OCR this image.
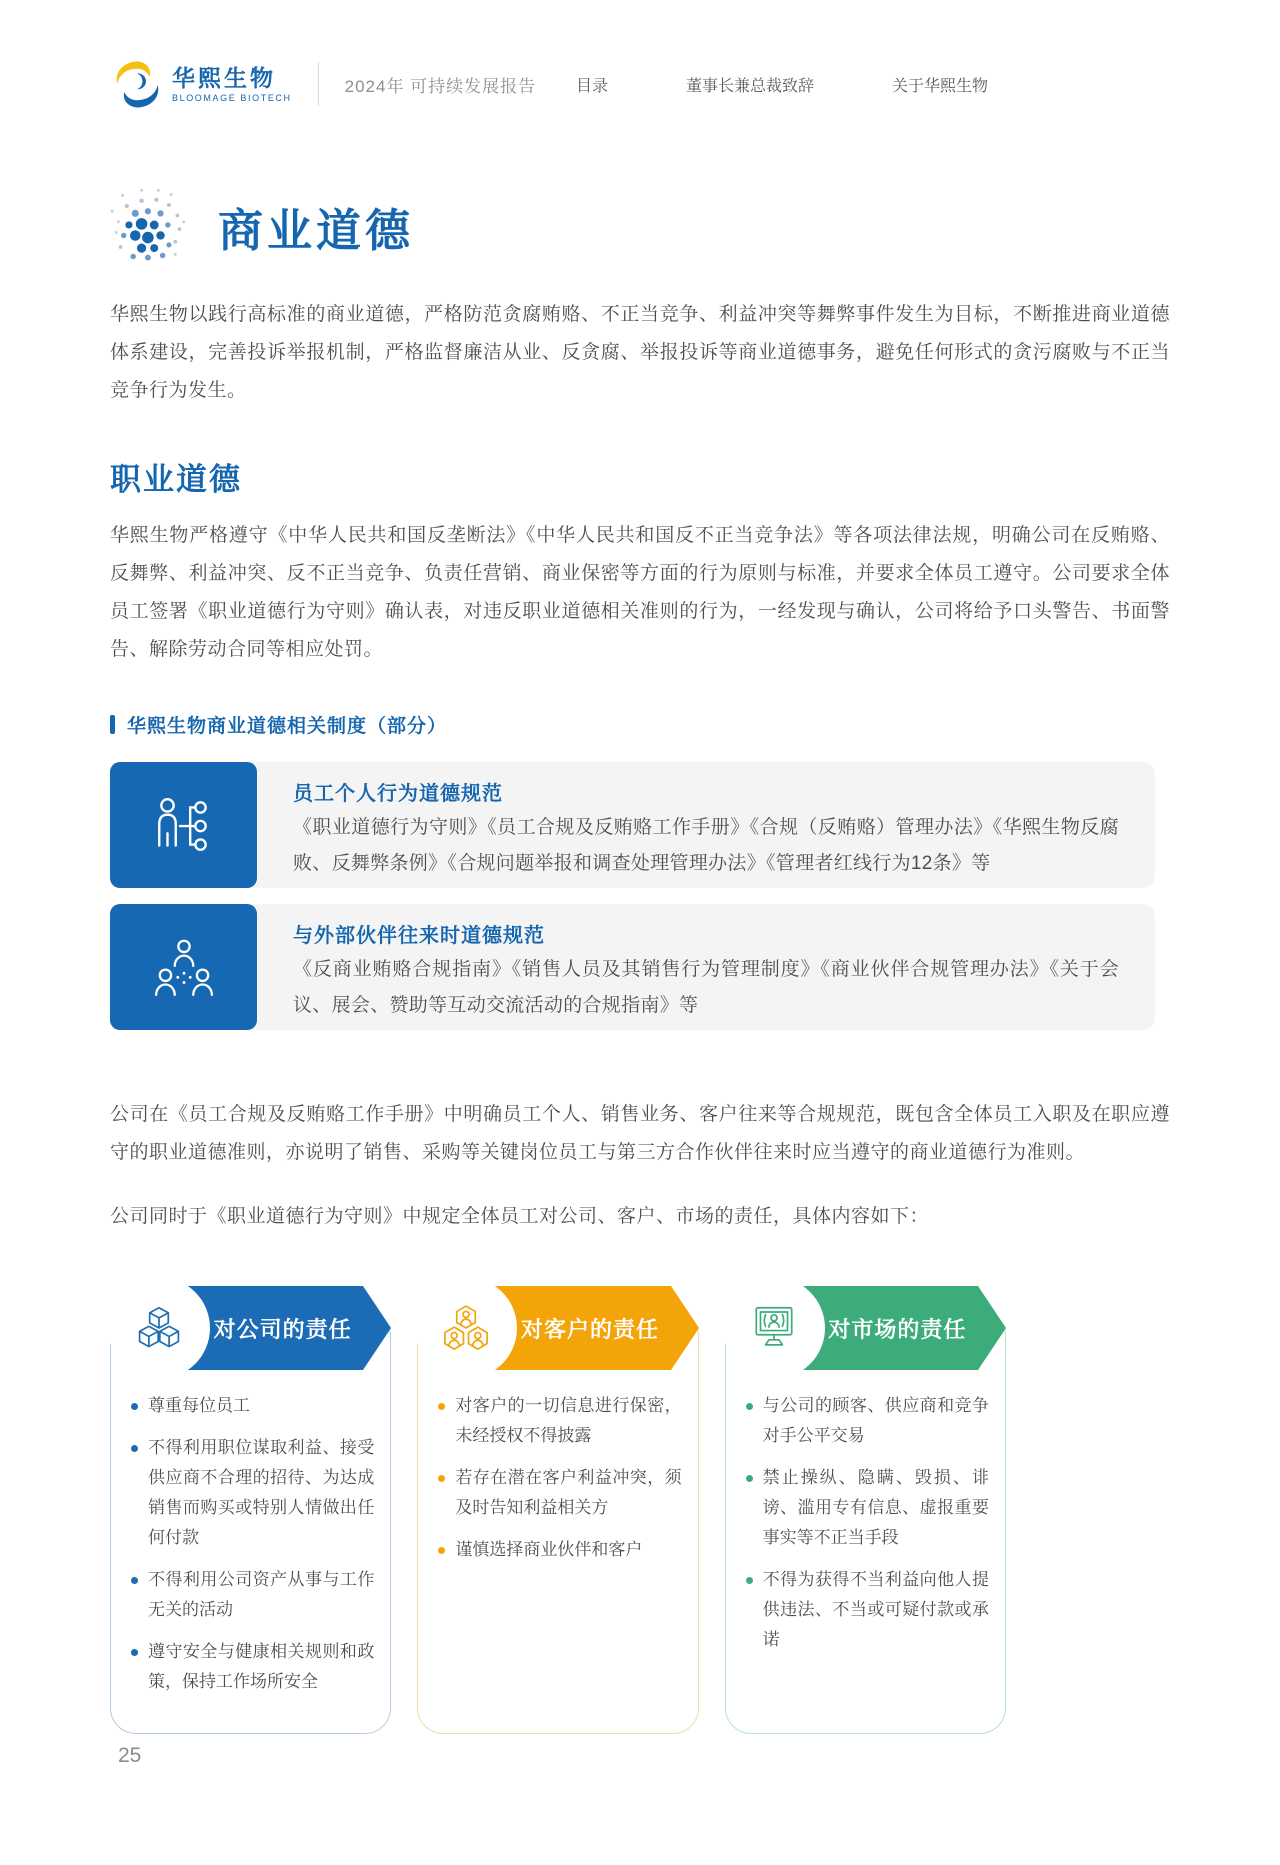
华熙生物
BLOOMAGE BIOTECH
2024年 可持续发展报告 目录	董事长兼总裁致辞	关于华熙生物
商业道德

华熙生物以践行高标准的商业道德，严格防范贪腐贿赂、不正当竞争、利益冲突等舞弊事件发生为目标，不断推进商业道德体系建设，完善投诉举报机制，严格监督廉洁从业、反贪腐、举报投诉等商业道德事务，避免任何形式的贪污腐败与不正当竞争行为发生。

职业道德

华熙生物严格遵守《中华人民共和国反垄断法》《中华人民共和国反不正当竞争法》等各项法律法规，明确公司在反贿赂、反舞弊、利益冲突、反不正当竞争、负责任营销、商业保密等方面的行为原则与标准，并要求全体员工遵守。公司要求全体员工签署《职业道德行为守则》确认表，对违反职业道德相关准则的行为，一经发现与确认，公司将给予口头警告、书面警告、解除劳动合同等相应处罚。

华熙生物商业道德相关制度（部分）
员工个人行为道德规范
《职业道德行为守则》《员工合规及反贿赂工作手册》《合规（反贿赂）管理办法》《华熙生物反腐败、反舞弊条例》《合规问题举报和调查处理管理办法》《管理者红线行为12条》等
与外部伙伴往来时道德规范
《反商业贿赂合规指南》《销售人员及其销售行为管理制度》《商业伙伴合规管理办法》《关于会议、展会、赞助等互动交流活动的合规指南》等

公司在《员工合规及反贿赂工作手册》中明确员工个人、销售业务、客户往来等合规规范，既包含全体员工入职及在职应遵守的职业道德准则，亦说明了销售、采购等关键岗位员工与第三方合作伙伴往来时应当遵守的商业道德行为准则。

公司同时于《职业道德行为守则》中规定全体员工对公司、客户、市场的责任，具体内容如下：

对公司的责任
尊重每位员工
不得利用职位谋取利益、接受供应商不合理的招待、为达成销售而购买或特别人情做出任何付款
不得利用公司资产从事与工作无关的活动
遵守安全与健康相关规则和政策，保持工作场所安全
对客户的责任
对客户的一切信息进行保密，未经授权不得披露
若存在潜在客户利益冲突，须及时告知利益相关方
谨慎选择商业伙伴和客户
对市场的责任
与公司的顾客、供应商和竞争对手公平交易
禁止操纵、隐瞒、毁损、诽谤、滥用专有信息、虚报重要事实等不正当手段
不得为获得不当利益向他人提供违法、不当或可疑付款或承诺
25
